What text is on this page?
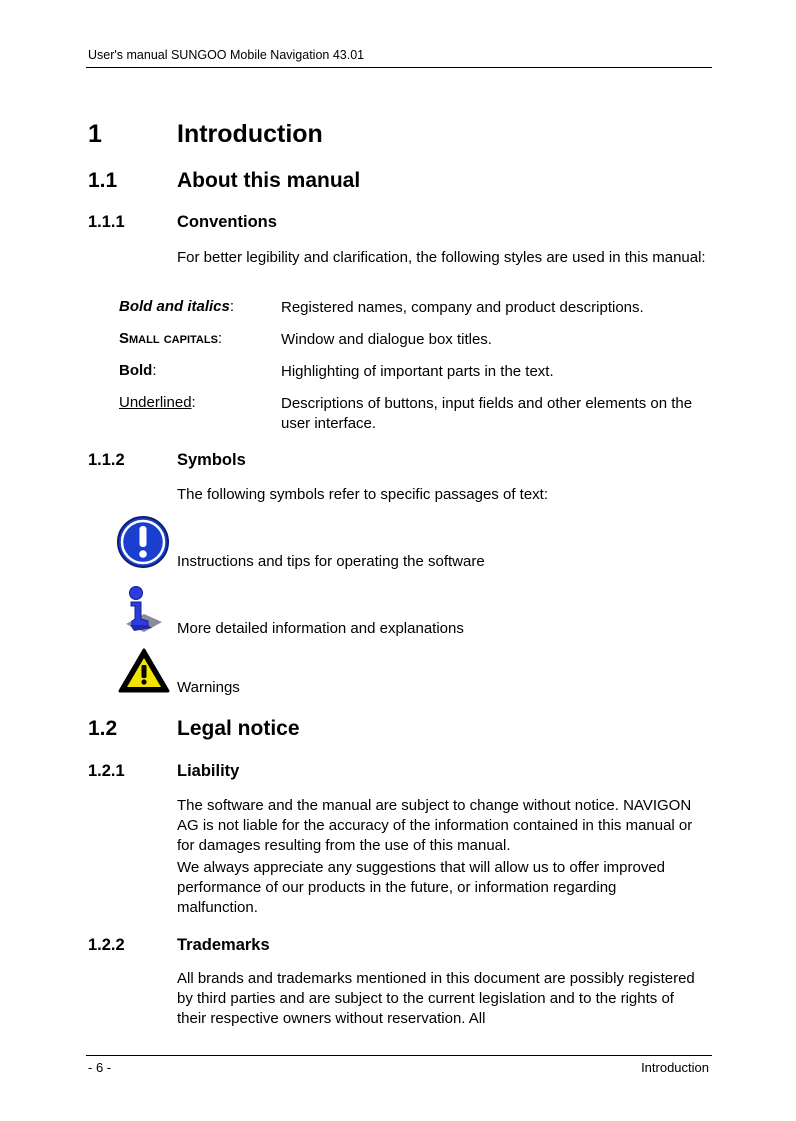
User's manual SUNGOO Mobile Navigation 43.01
1	Introduction
1.1	About this manual
1.1.1	Conventions
For better legibility and clarification, the following styles are used in this manual:
Bold and italics:	Registered names, company and product descriptions.
Small capitals:	Window and dialogue box titles.
Bold:	Highlighting of important parts in the text.
Underlined:	Descriptions of buttons, input fields and other elements on the user interface.
1.1.2	Symbols
The following symbols refer to specific passages of text:
Instructions and tips for operating the software
More detailed information and explanations
Warnings
1.2	Legal notice
1.2.1	Liability
The software and the manual are subject to change without notice. NAVIGON AG is not liable for the accuracy of the information contained in this manual or for damages resulting from the use of this manual.
We always appreciate any suggestions that will allow us to offer improved performance of our products in the future, or information regarding malfunction.
1.2.2	Trademarks
All brands and trademarks mentioned in this document are possibly registered by third parties and are subject to the current legislation and to the rights of their respective owners without reservation. All
- 6 -	Introduction
